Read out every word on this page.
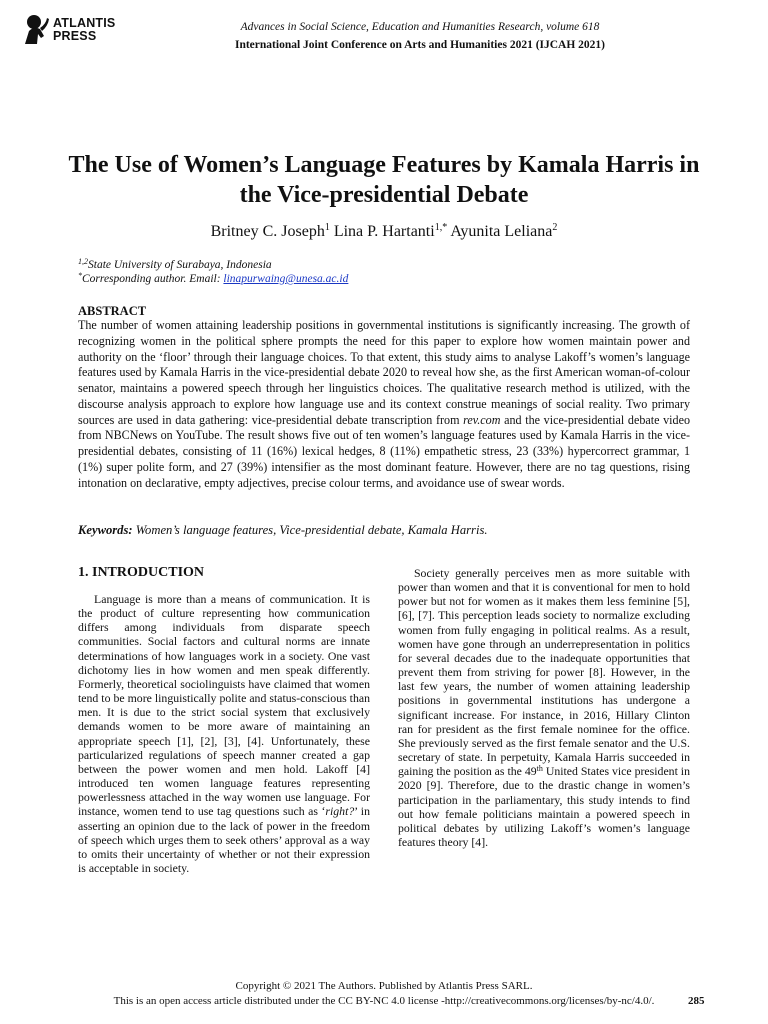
ATLANTIS
PRESS
Advances in Social Science, Education and Humanities Research, volume 618
International Joint Conference on Arts and Humanities 2021 (IJCAH 2021)
The Use of Women’s Language Features by Kamala Harris in the Vice-presidential Debate
Britney C. Joseph$^1$ Lina P. Hartanti$^{1,*}$ Ayunita Leliana$^2$
$^{1,2}$State University of Surabaya, Indonesia
*Corresponding author. Email: linapurwaing@unesa.ac.id
ABSTRACT

The number of women attaining leadership positions in governmental institutions is significantly increasing. The growth of recognizing women in the political sphere prompts the need for this paper to explore how women maintain power and authority on the ‘floor’ through their language choices. To that extent, this study aims to analyse Lakoff’s women’s language features used by Kamala Harris in the vice-presidential debate 2020 to reveal how she, as the first American woman-of-colour senator, maintains a powered speech through her linguistics choices. The qualitative research method is utilized, with the discourse analysis approach to explore how language use and its context construe meanings of social reality. Two primary sources are used in data gathering: vice-presidential debate transcription from rev.com and the vice-presidential debate video from NBCNews on YouTube. The result shows five out of ten women’s language features used by Kamala Harris in the vice-presidential debates, consisting of 11 (16%) lexical hedges, 8 (11%) empathetic stress, 23 (33%) hypercorrect grammar, 1 (1%) super polite form, and 27 (39%) intensifier as the most dominant feature. However, there are no tag questions, rising intonation on declarative, empty adjectives, precise colour terms, and avoidance use of swear words.

Keywords: Women’s language features, Vice-presidential debate, Kamala Harris.
1. INTRODUCTION

Language is more than a means of communication. It is the product of culture representing how communication differs among individuals from disparate speech communities. Social factors and cultural norms are innate determinations of how languages work in a society. One vast dichotomy lies in how women and men speak differently. Formerly, theoretical sociolinguists have claimed that women tend to be more linguistically polite and status-conscious than men. It is due to the strict social system that exclusively demands women to be more aware of maintaining an appropriate speech [1], [2], [3], [4]. Unfortunately, these particularized regulations of speech manner created a gap between the power women and men hold. Lakoff [4] introduced ten women language features representing powerlessness attached in the way women use language. For instance, women tend to use tag questions such as ‘right?’ in asserting an opinion due to the lack of power in the freedom of speech which urges them to seek others’ approval as a way to omits their uncertainty of whether or not their expression is acceptable in society.

Society generally perceives men as more suitable with power than women and that it is conventional for men to hold power but not for women as it makes them less feminine [5], [6], [7]. This perception leads society to normalize excluding women from fully engaging in political realms. As a result, women have gone through an underrepresentation in politics for several decades due to the inadequate opportunities that prevent them from striving for power [8]. However, in the last few years, the number of women attaining leadership positions in governmental institutions has undergone a significant increase. For instance, in 2016, Hillary Clinton ran for president as the first female nominee for the office. She previously served as the first female senator and the U.S. secretary of state. In perpetuity, Kamala Harris succeeded in gaining the position as the 49th United States vice president in 2020 [9]. Therefore, due to the drastic change in women’s participation in the parliamentary, this study intends to find out how female politicians maintain a powered speech in political debates by utilizing Lakoff’s women’s language features theory [4].

Copyright © 2021 The Authors. Published by Atlantis Press SARL.
This is an open access article distributed under the CC BY-NC 4.0 license -http://creativecommons.org/licenses/by-nc/4.0/.	285
